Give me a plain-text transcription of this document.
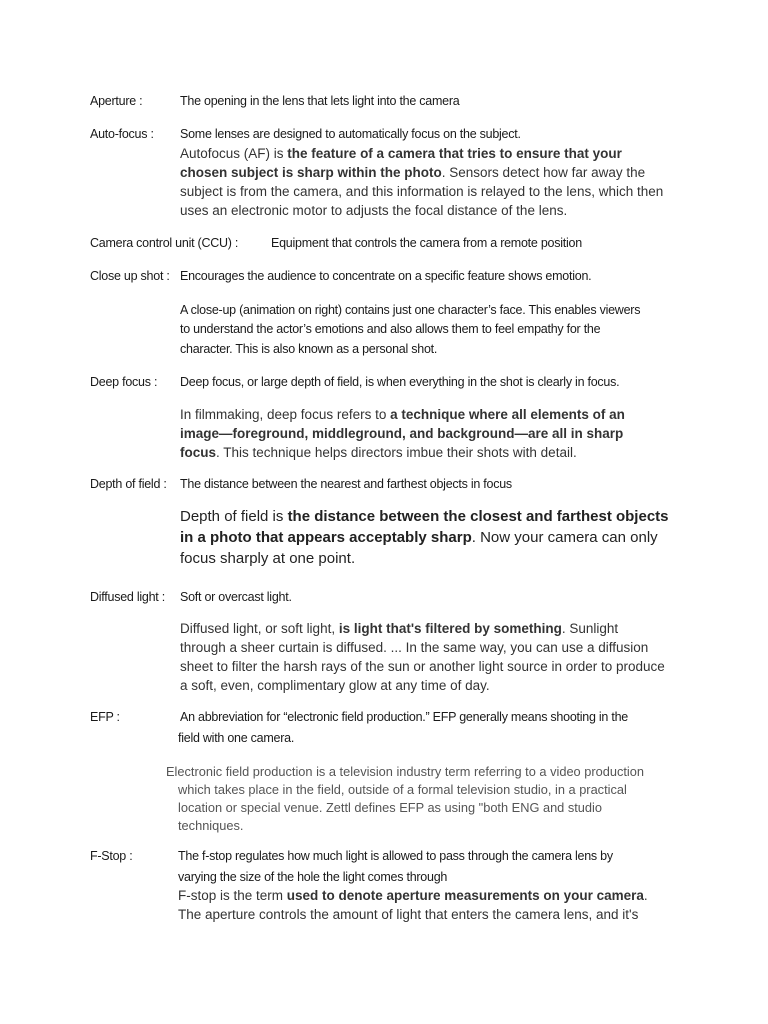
Aperture :	The opening in the lens that lets light into the camera
Auto-focus : Some lenses are designed to automatically focus on the subject.
Autofocus (AF) is the feature of a camera that tries to ensure that your
chosen subject is sharp within the photo. Sensors detect how far away the
subject is from the camera, and this information is relayed to the lens, which then
uses an electronic motor to adjusts the focal distance of the lens.
Camera control unit (CCU) :	Equipment that controls the camera from a remote position
Close up shot : Encourages the audience to concentrate on a specific feature shows emotion.
A close-up (animation on right) contains just one character’s face. This enables viewers
to understand the actor’s emotions and also allows them to feel empathy for the
character. This is also known as a personal shot.
Deep focus : Deep focus, or large depth of field, is when everything in the shot is clearly in focus.
In filmmaking, deep focus refers to a technique where all elements of an
image—foreground, middleground, and background—are all in sharp
focus. This technique helps directors imbue their shots with detail.
Depth of field : The distance between the nearest and farthest objects in focus
Depth of field is the distance between the closest and farthest objects
in a photo that appears acceptably sharp. Now your camera can only
focus sharply at one point.
Diffused light : Soft or overcast light.
Diffused light, or soft light, is light that's filtered by something. Sunlight
through a sheer curtain is diffused. ... In the same way, you can use a diffusion
sheet to filter the harsh rays of the sun or another light source in order to produce
a soft, even, complimentary glow at any time of day.
EFP :	An abbreviation for “electronic field production.” EFP generally means shooting in the
field with one camera.
Electronic field production is a television industry term referring to a video production
which takes place in the field, outside of a formal television studio, in a practical
location or special venue. Zettl defines EFP as using "both ENG and studio
techniques.
F-Stop :	The f-stop regulates how much light is allowed to pass through the camera lens by
varying the size of the hole the light comes through
F-stop is the term used to denote aperture measurements on your camera.
The aperture controls the amount of light that enters the camera lens, and it's
